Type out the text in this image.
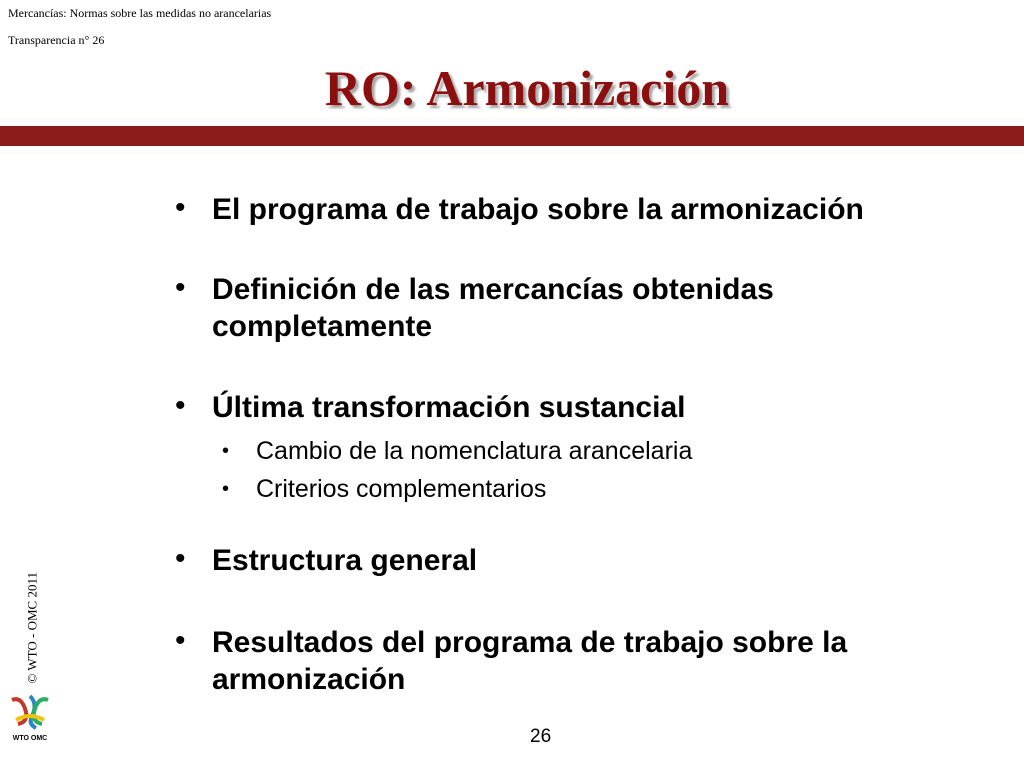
Mercancías: Normas sobre las medidas no arancelarias
Transparencia n° 26
RO: Armonización
• El programa de trabajo sobre la armonización
• Definición de las mercancías obtenidas
completamente
• Última transformación sustancial
• Cambio de la nomenclatura arancelaria
• Criterios complementarios
• Estructura general
• Resultados del programa de trabajo sobre la
armonización
© WTO - OMC 2011
WTO OMC	26
